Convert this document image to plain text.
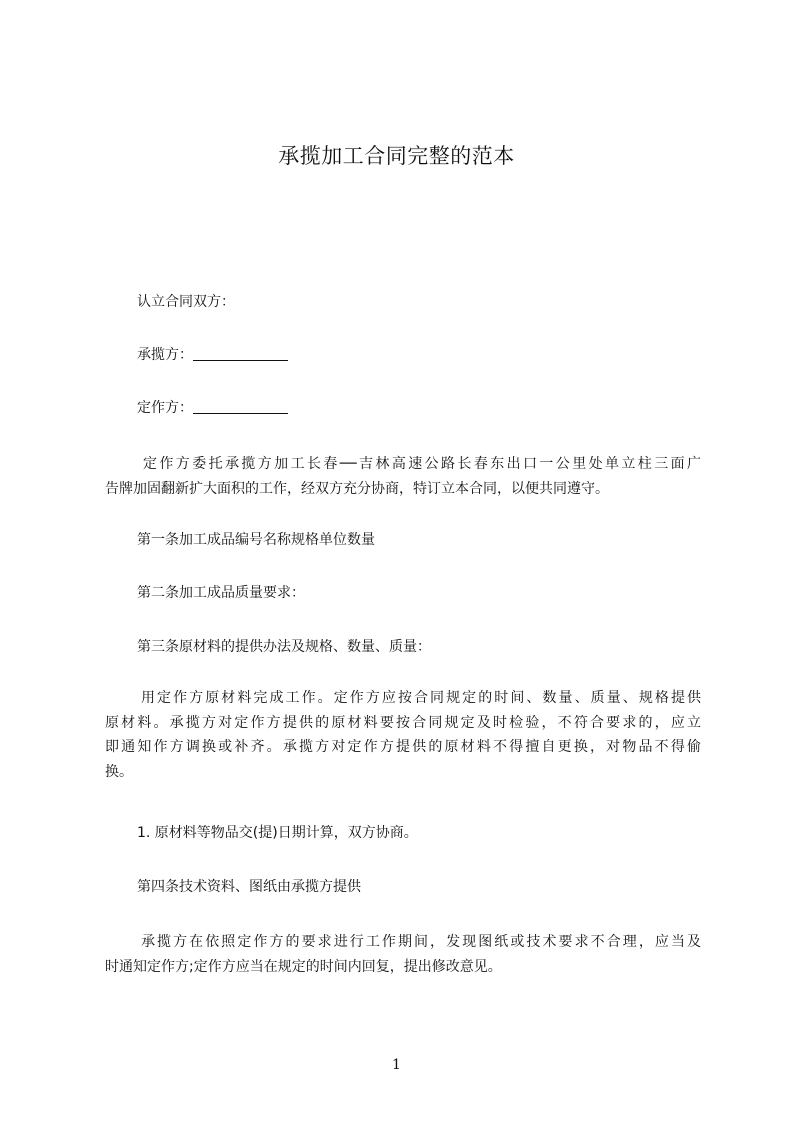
承揽加工合同完整的范本
认立合同双方：
承揽方：
定作方：
定作方委托承揽方加工长春──吉林高速公路长春东出口一公里处单立柱三面广
告牌加固翻新扩大面积的工作，经双方充分协商，特订立本合同，以便共同遵守。
第一条加工成品编号名称规格单位数量
第二条加工成品质量要求：
第三条原材料的提供办法及规格、数量、质量：
用定作方原材料完成工作。定作方应按合同规定的时间、数量、质量、规格提供
原材料。承揽方对定作方提供的原材料要按合同规定及时检验，不符合要求的，应立
即通知作方调换或补齐。承揽方对定作方提供的原材料不得擅自更换，对物品不得偷
换。
1. 原材料等物品交(提)日期计算，双方协商。
第四条技术资料、图纸由承揽方提供
承揽方在依照定作方的要求进行工作期间，发现图纸或技术要求不合理，应当及
时通知定作方;定作方应当在规定的时间内回复，提出修改意见。
1
